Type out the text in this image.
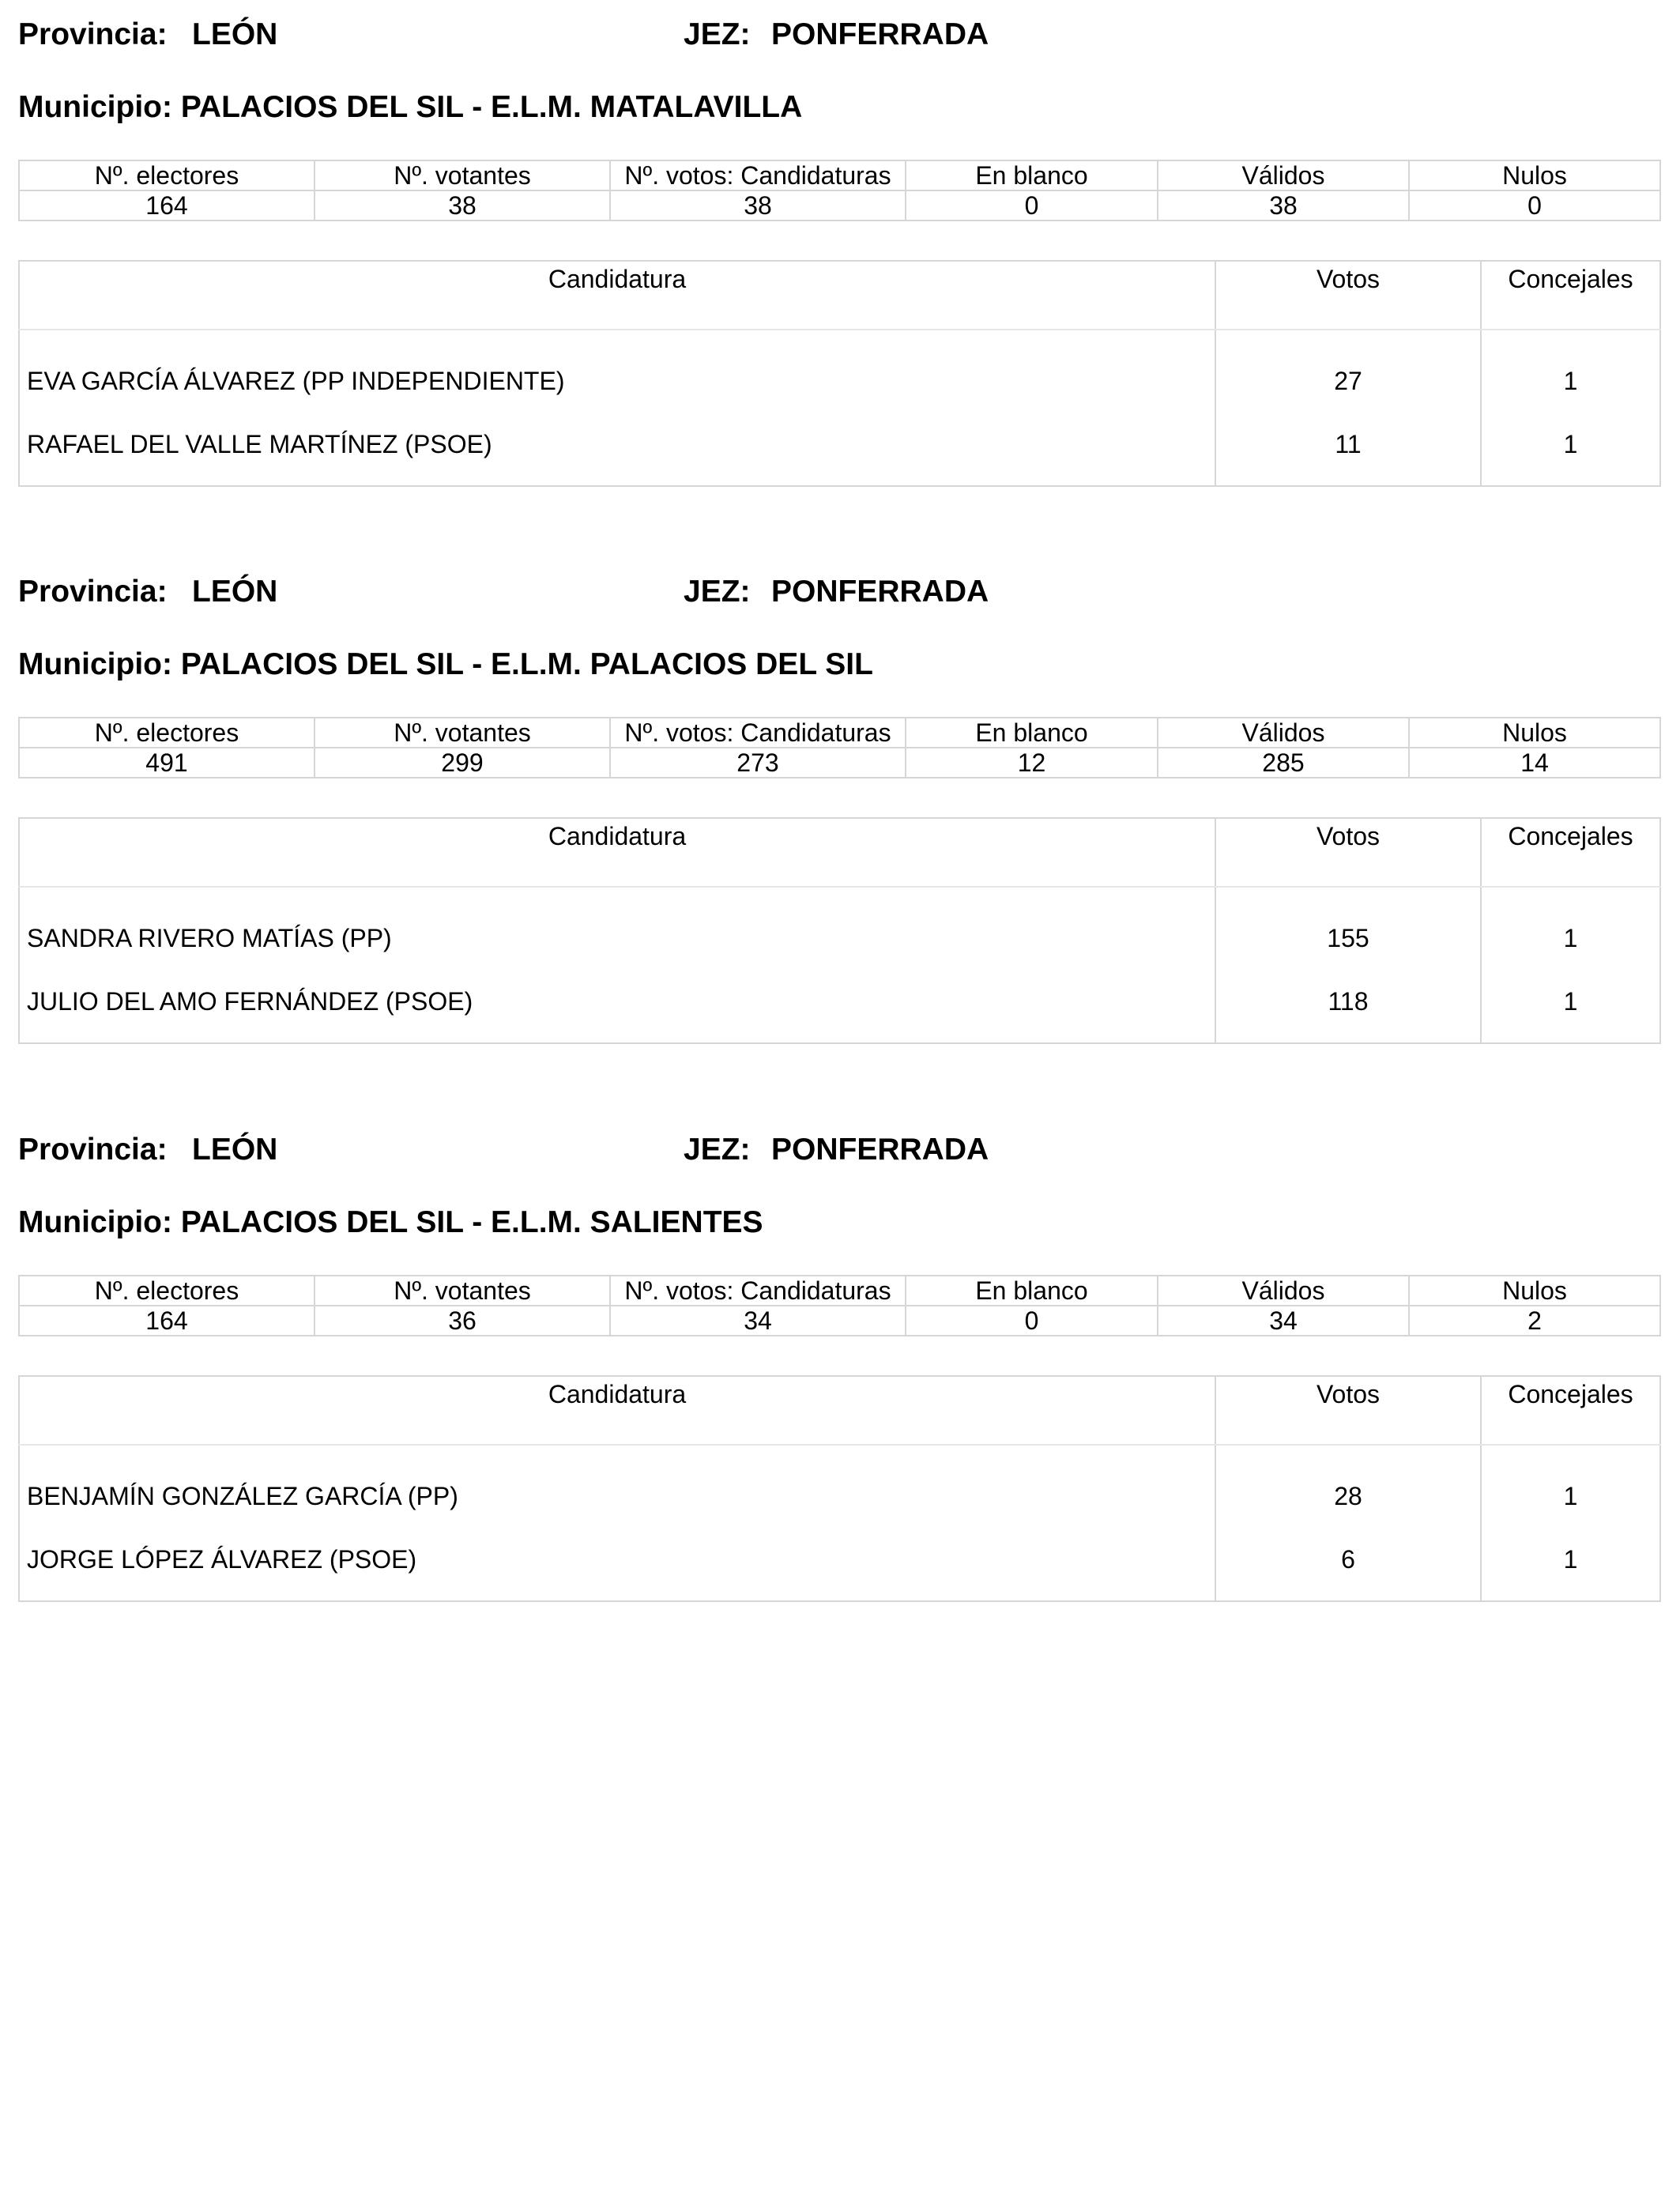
Provincia: LEÓN	JEZ: PONFERRADA
Municipio: PALACIOS DEL SIL - E.L.M. MATALAVILLA
Nº. electores	Nº. votantes	Nº. votos: Candidaturas	En blanco	Válidos	Nulos
164	38	38	0	38	0
Candidatura	Votos	Concejales
EVA GARCÍA ÁLVAREZ (PP INDEPENDIENTE)	27	1
RAFAEL DEL VALLE MARTÍNEZ (PSOE)	11	1
Provincia: LEÓN	JEZ: PONFERRADA
Municipio: PALACIOS DEL SIL - E.L.M. PALACIOS DEL SIL
Nº. electores	Nº. votantes	Nº. votos: Candidaturas	En blanco	Válidos	Nulos
491	299	273	12	285	14
Candidatura	Votos	Concejales
SANDRA RIVERO MATÍAS (PP)	155	1
JULIO DEL AMO FERNÁNDEZ (PSOE)	118	1
Provincia: LEÓN	JEZ: PONFERRADA
Municipio: PALACIOS DEL SIL - E.L.M. SALIENTES
Nº. electores	Nº. votantes	Nº. votos: Candidaturas	En blanco	Válidos	Nulos
164	36	34	0	34	2
Candidatura	Votos	Concejales
BENJAMÍN GONZÁLEZ GARCÍA (PP)	28	1
JORGE LÓPEZ ÁLVAREZ (PSOE)	6	1
